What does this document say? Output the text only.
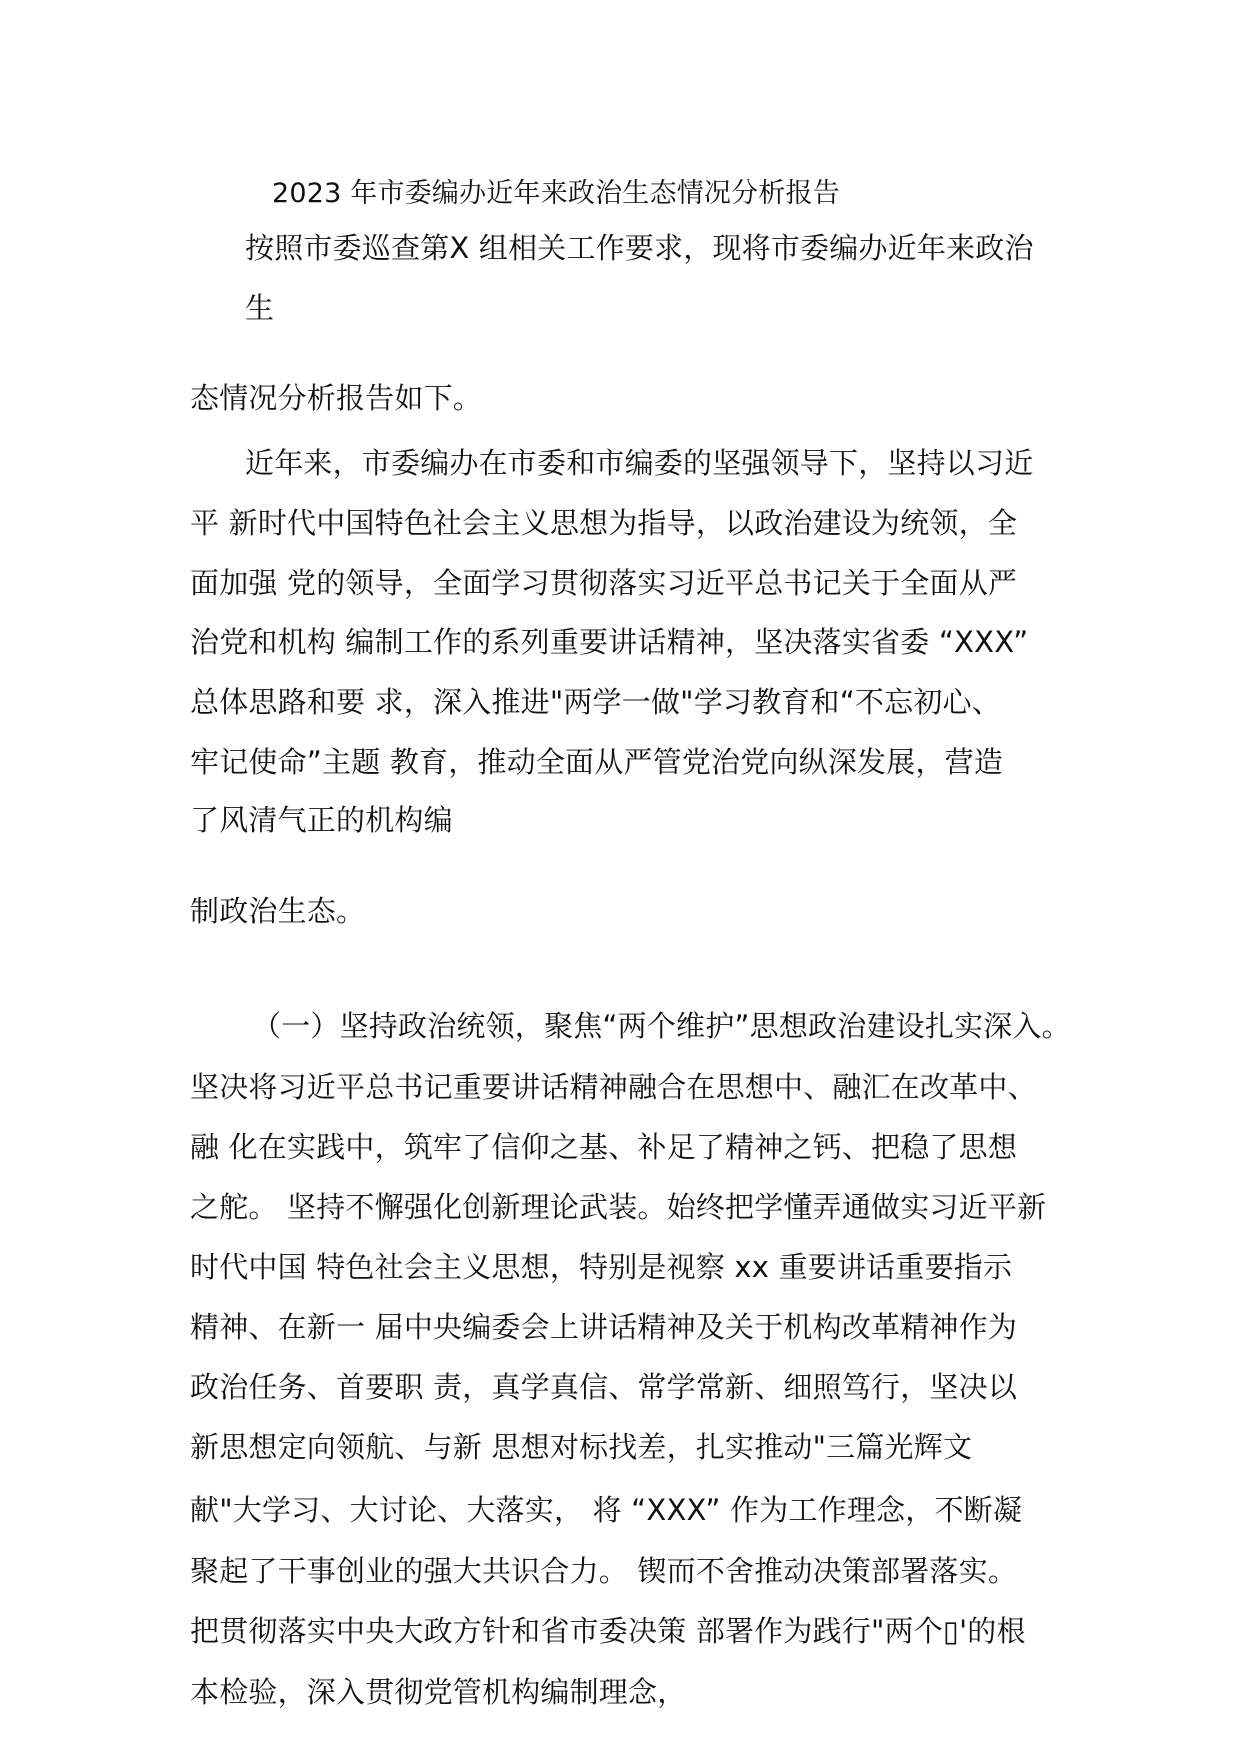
2023 年市委编办近年来政治生态情况分析报告
按照市委巡查第Ⅹ 组相关工作要求，现将市委编办近年来政治
生
态情况分析报告如下。
近年来，市委编办在市委和市编委的坚强领导下，坚持以习近
平 新时代中国特色社会主义思想为指导，以政治建设为统领，全
面加强 党的领导，全面学习贯彻落实习近平总书记关于全面从严
治党和机构 编制工作的系列重要讲话精神，坚决落实省委 “XXX”
总体思路和要 求，深入推进"两学一做"学习教育和“不忘初心、
牢记使命”主题 教育，推动全面从严管党治党向纵深发展，营造
了风清气正的机构编
制政治生态。
（一）坚持政治统领，聚焦“两个维护”思想政治建设扎实深入。
坚决将习近平总书记重要讲话精神融合在思想中、融汇在改革中、
融 化在实践中，筑牢了信仰之基、补足了精神之钙、把稳了思想
之舵。 坚持不懈强化创新理论武装。始终把学懂弄通做实习近平新
时代中国 特色社会主义思想，特别是视察 xx 重要讲话重要指示
精神、在新一 届中央编委会上讲话精神及关于机构改革精神作为
政治任务、首要职 责，真学真信、常学常新、细照笃行，坚决以
新思想定向领航、与新 思想对标找差，扎实推动"三篇光辉文
献"大学习、大讨论、大落实， 将 “XXX” 作为工作理念，不断凝
聚起了干事创业的强大共识合力。 锲而不舍推动决策部署落实。
把贯彻落实中央大政方针和省市委决策 部署作为践行"两个▯'的根
本检验，深入贯彻党管机构编制理念，
